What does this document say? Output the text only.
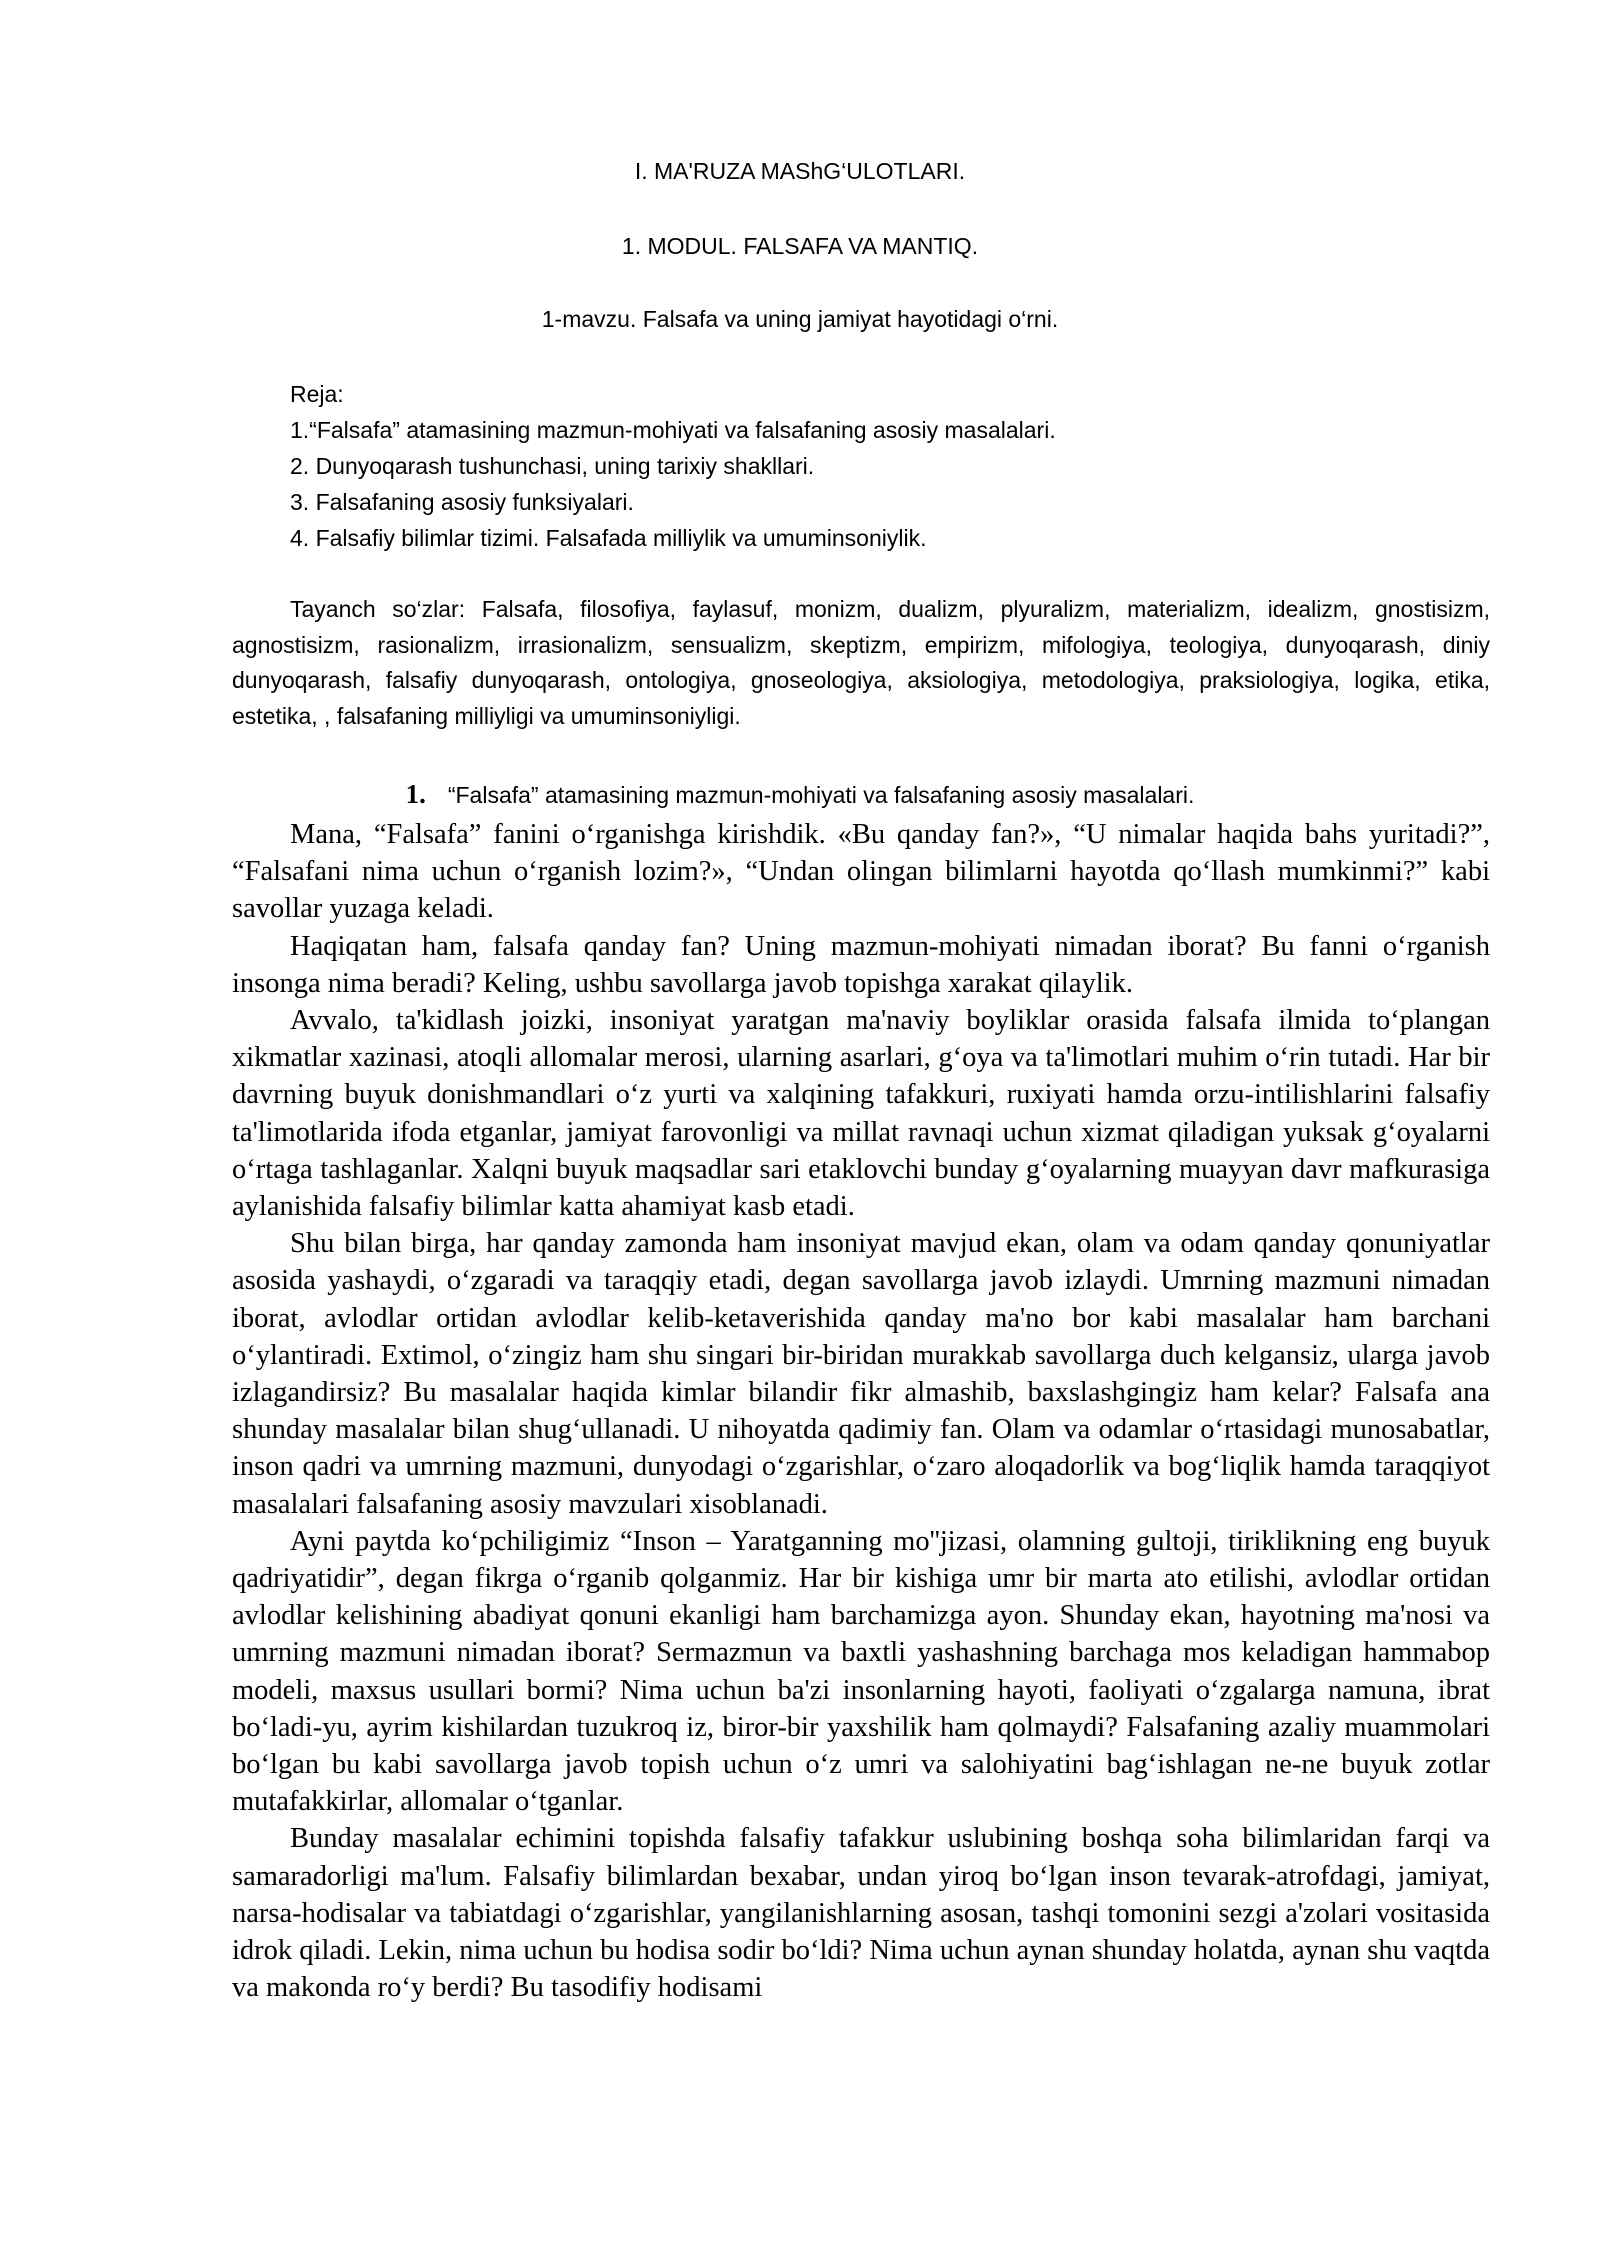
I. MA'RUZA MAShG‘ULOTLARI.
1. MODUL. FALSAFA VA MANTIQ.
1-mavzu. Falsafa va uning jamiyat hayotidagi o‘rni.
Reja:
1.“Falsafa” atamasining mazmun-mohiyati va falsafaning asosiy masalalari.
2. Dunyoqarash tushunchasi, uning tarixiy shakllari.
3. Falsafaning asosiy funksiyalari.
4. Falsafiy bilimlar tizimi. Falsafada milliylik va umuminsoniylik.
Tayanch so‘zlar: Falsafa, filosofiya, faylasuf, monizm, dualizm, plyuralizm, materializm, idealizm, gnostisizm, agnostisizm, rasionalizm, irrasionalizm, sensualizm, skeptizm, empirizm, mifologiya, teologiya, dunyoqarash, diniy dunyoqarash, falsafiy dunyoqarash, ontologiya, gnoseologiya, aksiologiya, metodologiya, praksiologiya, logika, etika, estetika, , falsafaning milliyligi va umuminsoniyligi.
1. “Falsafa” atamasining mazmun-mohiyati va falsafaning asosiy masalalari.

Mana, “Falsafa” fanini o‘rganishga kirishdik. «Bu qanday fan?», “U nimalar haqida bahs yuritadi?”, “Falsafani nima uchun o‘rganish lozim?», “Undan olingan bilimlarni hayotda qo‘llash mumkinmi?” kabi savollar yuzaga keladi.

Haqiqatan ham, falsafa qanday fan? Uning mazmun-mohiyati nimadan iborat? Bu fanni o‘rganish insonga nima beradi? Keling, ushbu savollarga javob topishga xarakat qilaylik.

Avvalo, ta'kidlash joizki, insoniyat yaratgan ma'naviy boyliklar orasida falsafa ilmida to‘plangan xikmatlar xazinasi, atoqli allomalar merosi, ularning asarlari, g‘oya va ta'limotlari muhim o‘rin tutadi. Har bir davrning buyuk donishmandlari o‘z yurti va xalqining tafakkuri, ruxiyati hamda orzu-intilishlarini falsafiy ta'limotlarida ifoda etganlar, jamiyat farovonligi va millat ravnaqi uchun xizmat qiladigan yuksak g‘oyalarni o‘rtaga tashlaganlar. Xalqni buyuk maqsadlar sari etaklovchi bunday g‘oyalarning muayyan davr mafkurasiga aylanishida falsafiy bilimlar katta ahamiyat kasb etadi.

Shu bilan birga, har qanday zamonda ham insoniyat mavjud ekan, olam va odam qanday qonuniyatlar asosida yashaydi, o‘zgaradi va taraqqiy etadi, degan savollarga javob izlaydi. Umrning mazmuni nimadan iborat, avlodlar ortidan avlodlar kelib-ketaverishida qanday ma'no bor kabi masalalar ham barchani o‘ylantiradi. Extimol, o‘zingiz ham shu singari bir-biridan murakkab savollarga duch kelgansiz, ularga javob izlagandirsiz? Bu masalalar haqida kimlar bilandir fikr almashib, baxslashgingiz ham kelar? Falsafa ana shunday masalalar bilan shug‘ullanadi. U nihoyatda qadimiy fan. Olam va odamlar o‘rtasidagi munosabatlar, inson qadri va umrning mazmuni, dunyodagi o‘zgarishlar, o‘zaro aloqadorlik va bog‘liqlik hamda taraqqiyot masalalari falsafaning asosiy mavzulari xisoblanadi.

Ayni paytda ko‘pchiligimiz “Inson – Yaratganning mo''jizasi, olamning gultoji, tiriklikning eng buyuk qadriyatidir”, degan fikrga o‘rganib qolganmiz. Har bir kishiga umr bir marta ato etilishi, avlodlar ortidan avlodlar kelishining abadiyat qonuni ekanligi ham barchamizga ayon. Shunday ekan, hayotning ma'nosi va umrning mazmuni nimadan iborat? Sermazmun va baxtli yashashning barchaga mos keladigan hammabop modeli, maxsus usullari bormi? Nima uchun ba'zi insonlarning hayoti, faoliyati o‘zgalarga namuna, ibrat bo‘ladi-yu, ayrim kishilardan tuzukroq iz, biror-bir yaxshilik ham qolmaydi? Falsafaning azaliy muammolari bo‘lgan bu kabi savollarga javob topish uchun o‘z umri va salohiyatini bag‘ishlagan ne-ne buyuk zotlar mutafakkirlar, allomalar o‘tganlar.

Bunday masalalar echimini topishda falsafiy tafakkur uslubining boshqa soha bilimlaridan farqi va samaradorligi ma'lum. Falsafiy bilimlardan bexabar, undan yiroq bo‘lgan inson tevarak-atrofdagi, jamiyat, narsa-hodisalar va tabiatdagi o‘zgarishlar, yangilanishlarning asosan, tashqi tomonini sezgi a'zolari vositasida idrok qiladi. Lekin, nima uchun bu hodisa sodir bo‘ldi? Nima uchun aynan shunday holatda, aynan shu vaqtda va makonda ro‘y berdi? Bu tasodifiy hodisami
